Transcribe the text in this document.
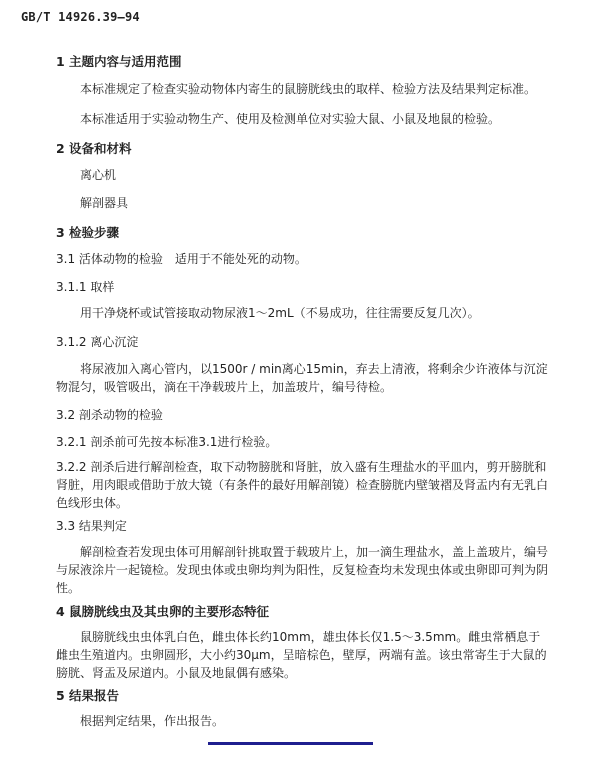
GB/T 14926.39—94
1 主题内容与适用范围
本标准规定了检查实验动物体内寄生的鼠膀胱线虫的取样、检验方法及结果判定标准。
本标准适用于实验动物生产、使用及检测单位对实验大鼠、小鼠及地鼠的检验。
2 设备和材料
离心机
解剖器具
3 检验步骤
3.1 活体动物的检验　适用于不能处死的动物。
3.1.1 取样
用干净烧杯或试管接取动物尿液1～2mL（不易成功，往往需要反复几次）。
3.1.2 离心沉淀
将尿液加入离心管内，以1500r / min离心15min，弃去上清液，将剩余少许液体与沉淀物混匀，吸管吸出，滴在干净载玻片上，加盖玻片，编号待检。
3.2 剖杀动物的检验
3.2.1 剖杀前可先按本标准3.1进行检验。
3.2.2 剖杀后进行解剖检查，取下动物膀胱和肾脏，放入盛有生理盐水的平皿内，剪开膀胱和肾脏，用肉眼或借助于放大镜（有条件的最好用解剖镜）检查膀胱内壁皱褶及肾盂内有无乳白色线形虫体。
3.3 结果判定
解剖检查若发现虫体可用解剖针挑取置于载玻片上，加一滴生理盐水，盖上盖玻片，编号与尿液涂片一起镜检。发现虫体或虫卵均判为阳性，反复检查均未发现虫体或虫卵即可判为阴性。
4 鼠膀胱线虫及其虫卵的主要形态特征
鼠膀胱线虫虫体乳白色，雌虫体长约10mm，雄虫体长仅1.5～3.5mm。雌虫常栖息于雌虫生殖道内。虫卵圆形，大小约30μm，呈暗棕色，壁厚，两端有盖。该虫常寄生于大鼠的膀胱、肾盂及尿道内。小鼠及地鼠偶有感染。
5 结果报告
根据判定结果，作出报告。
